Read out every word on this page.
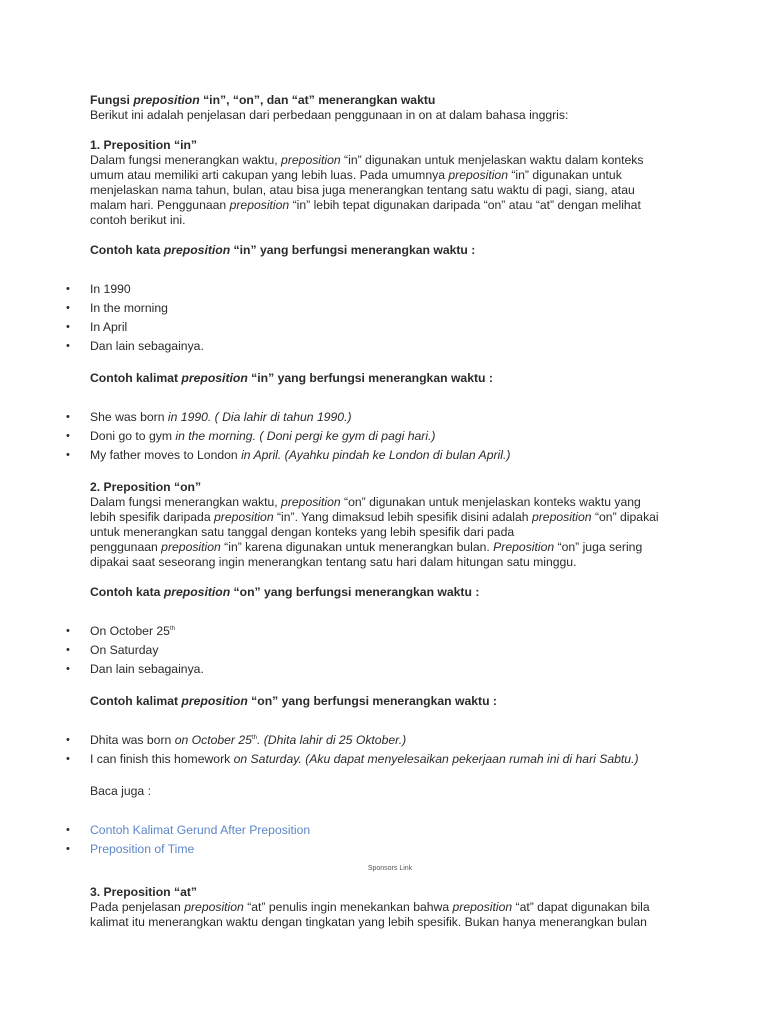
Fungsi preposition “in”, “on”, dan “at” menerangkan waktu

Berikut ini adalah penjelasan dari perbedaan penggunaan in on at dalam bahasa inggris:

1. Preposition “in”

Dalam fungsi menerangkan waktu, preposition “in” digunakan untuk menjelaskan waktu dalam konteks
umum atau memiliki arti cakupan yang lebih luas. Pada umumnya preposition “in” digunakan untuk
menjelaskan nama tahun, bulan, atau bisa juga menerangkan tentang satu waktu di pagi, siang, atau
malam hari. Penggunaan preposition “in” lebih tepat digunakan daripada “on” atau “at” dengan melihat
contoh berikut ini.

Contoh kata preposition “in” yang berfungsi menerangkan waktu :

• In 1990
• In the morning
• In April
• Dan lain sebagainya.

Contoh kalimat preposition “in” yang berfungsi menerangkan waktu :

• She was born in 1990. ( Dia lahir di tahun 1990.)
• Doni go to gym in the morning. ( Doni pergi ke gym di pagi hari.)
• My father moves to London in April. (Ayahku pindah ke London di bulan April.)

2. Preposition “on”

Dalam fungsi menerangkan waktu, preposition “on” digunakan untuk menjelaskan konteks waktu yang
lebih spesifik daripada preposition “in”. Yang dimaksud lebih spesifik disini adalah preposition “on” dipakai
untuk menerangkan satu tanggal dengan konteks yang lebih spesifik dari pada
penggunaan preposition “in” karena digunakan untuk menerangkan bulan. Preposition “on” juga sering
dipakai saat seseorang ingin menerangkan tentang satu hari dalam hitungan satu minggu.

Contoh kata preposition “on” yang berfungsi menerangkan waktu :

• On October 25th
• On Saturday
• Dan lain sebagainya.

Contoh kalimat preposition “on” yang berfungsi menerangkan waktu :

• Dhita was born on October 25th. (Dhita lahir di 25 Oktober.)
• I can finish this homework on Saturday. (Aku dapat menyelesaikan pekerjaan rumah ini di hari Sabtu.)

Baca juga :

• Contoh Kalimat Gerund After Preposition
• Preposition of Time

Sponsors Link

3. Preposition “at”

Pada penjelasan preposition “at” penulis ingin menekankan bahwa preposition “at” dapat digunakan bila
kalimat itu menerangkan waktu dengan tingkatan yang lebih spesifik. Bukan hanya menerangkan bulan
